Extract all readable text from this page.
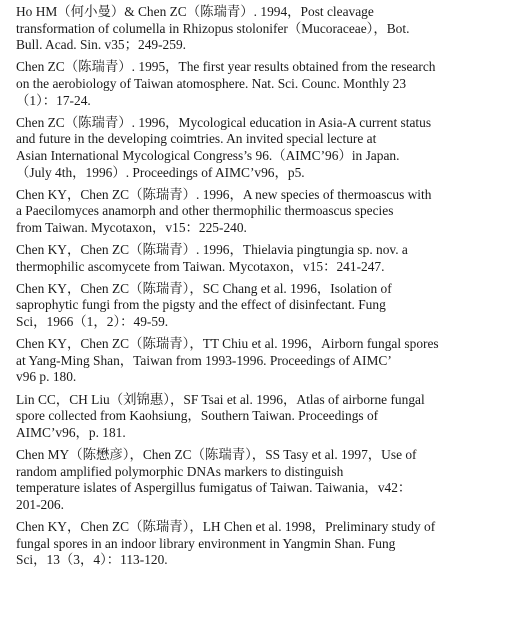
Ho HM（何小曼）& Chen ZC（陈瑞青）. 1994，Post cleavage
transformation of columella in Rhizopus stolonifer（Mucoraceae），Bot.
Bull. Acad. Sin. v35；249-259.
Chen ZC（陈瑞青）. 1995，The first year results obtained from the research
on the aerobiology of Taiwan atomosphere. Nat. Sci. Counc. Monthly 23
（1）：17-24.
Chen ZC（陈瑞青）. 1996，Mycological education in Asia-A current status
and future in the developing coimtries. An invited special lecture at
Asian International Mycological Congress’s 96.（AIMC’96）in Japan.
（July 4th，1996）. Proceedings of AIMC’v96，p5.
Chen KY，Chen ZC（陈瑞青）. 1996，A new species of thermoascus with
a Paecilomyces anamorph and other thermophilic thermoascus species
from Taiwan. Mycotaxon，v15：225-240.
Chen KY，Chen ZC（陈瑞青）. 1996，Thielavia pingtungia sp. nov. a
thermophilic ascomycete from Taiwan. Mycotaxon，v15：241-247.
Chen KY，Chen ZC（陈瑞青），SC Chang et al. 1996，Isolation of
saprophytic fungi from the pigsty and the effect of disinfectant. Fung
Sci，1966（1，2）：49-59.
Chen KY，Chen ZC（陈瑞青），TT Chiu et al. 1996，Airborn fungal spores
at Yang-Ming Shan，Taiwan from 1993-1996. Proceedings of AIMC’
v96 p. 180.
Lin CC，CH Liu（刘锦惠），SF Tsai et al. 1996，Atlas of airborne fungal
spore collected from Kaohsiung，Southern Taiwan. Proceedings of
AIMC’v96，p. 181.
Chen MY（陈懋彦），Chen ZC（陈瑞青），SS Tasy et al. 1997，Use of
random amplified polymorphic DNAs markers to distinguish
temperature islates of Aspergillus fumigatus of Taiwan. Taiwania，v42：
201-206.
Chen KY，Chen ZC（陈瑞青），LH Chen et al. 1998，Preliminary study of
fungal spores in an indoor library environment in Yangmin Shan. Fung
Sci，13（3，4）：113-120.
